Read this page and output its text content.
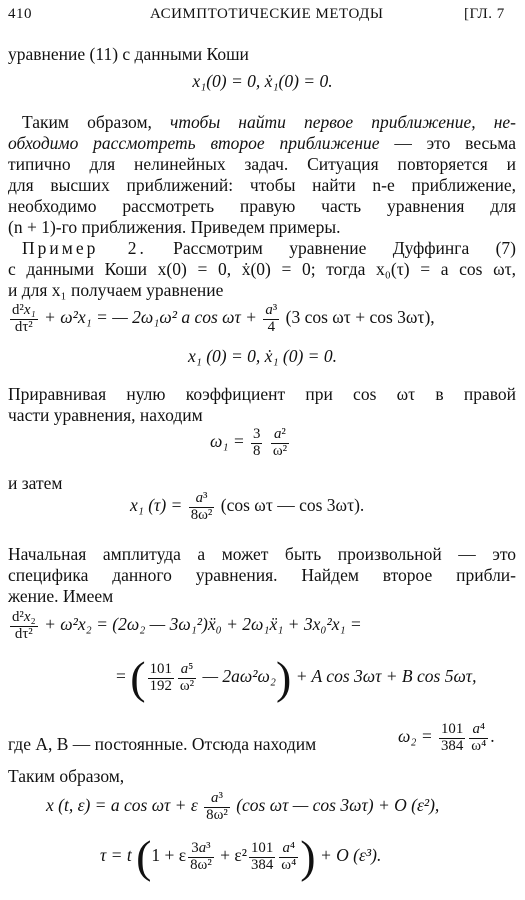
410	АСИМПТОТИЧЕСКИЕ МЕТОДЫ	[ГЛ. 7
уравнение (11) с данными Коши
x₁(0) = 0, ẋ₁(0) = 0.
Таким образом, чтобы найти первое приближение, не-
обходимо рассмотреть второе приближение — это весьма
типично для нелинейных задач. Ситуация повторяется и
для высших приближений: чтобы найти n-е приближение,
необходимо рассмотреть правую часть уравнения для
(n + 1)-го приближения. Приведем примеры.
Пример 2. Рассмотрим уравнение Дуффинга (7)
с данными Коши x(0) = 0, ẋ(0) = 0; тогда x₀(τ) = a cos ωτ,
и для x₁ получаем уравнение
$\frac{\text{d²x₁}}{\text{dτ²}} + \omega^2x_1$ = — 2ω₁ω² a $\cos \omega\tau + \frac{\text{a³}}{4} (3$ cos ωτ + cos 3ωτ),
x₁ (0) = 0, ẋ₁ (0) = 0.
Приравнивая нулю коэффициент при cos ωτ в правой
части уравнения, находим
$\omega_1 = \frac{3}{8}$
$\frac{\text{a²}}{\text{ω²}}$
и затем
x₁ $(\tau) = \frac{\text{a³}}{\text{8ω²}} (\cos$ ωτ — cos 3ωτ).
Начальная амплитуда a может быть произвольной — это
специфика данного уравнения. Найдем второе прибли-
жение. Имеем
$\frac{\text{d²x₂}}{\text{dτ²}} + \omega^2x_2 = (2\omega_2$ — 3ω₁²)ẍ₀ + 2ω₁ẍ₁ + 3x₀²x₁ =
= ( $\frac{101}{192} \frac{\text{a⁵}}{\text{ω²}}$ — 2aω²ω₂) + A cos 3ωτ + B cos 5ωτ,
где A, B — постоянные. Отсюда находим	$\omega_2 = \frac{101}{384} \frac{\text{a⁴}}{\text{ω⁴}}$ .
Таким образом,
x (t, ε) = a cos ωτ + ε $\frac{\text{a³}}{\text{8ω²}} (\cos$ ωτ — cos 3ωτ) + O (ε²),
τ = t (1 + ε $\frac{\text{3a³}}{\text{8ω²}} + \varepsilon^2 \frac{101}{384} \frac{\text{a⁴}}{\text{ω⁴}}$ ) + O (ε³).
